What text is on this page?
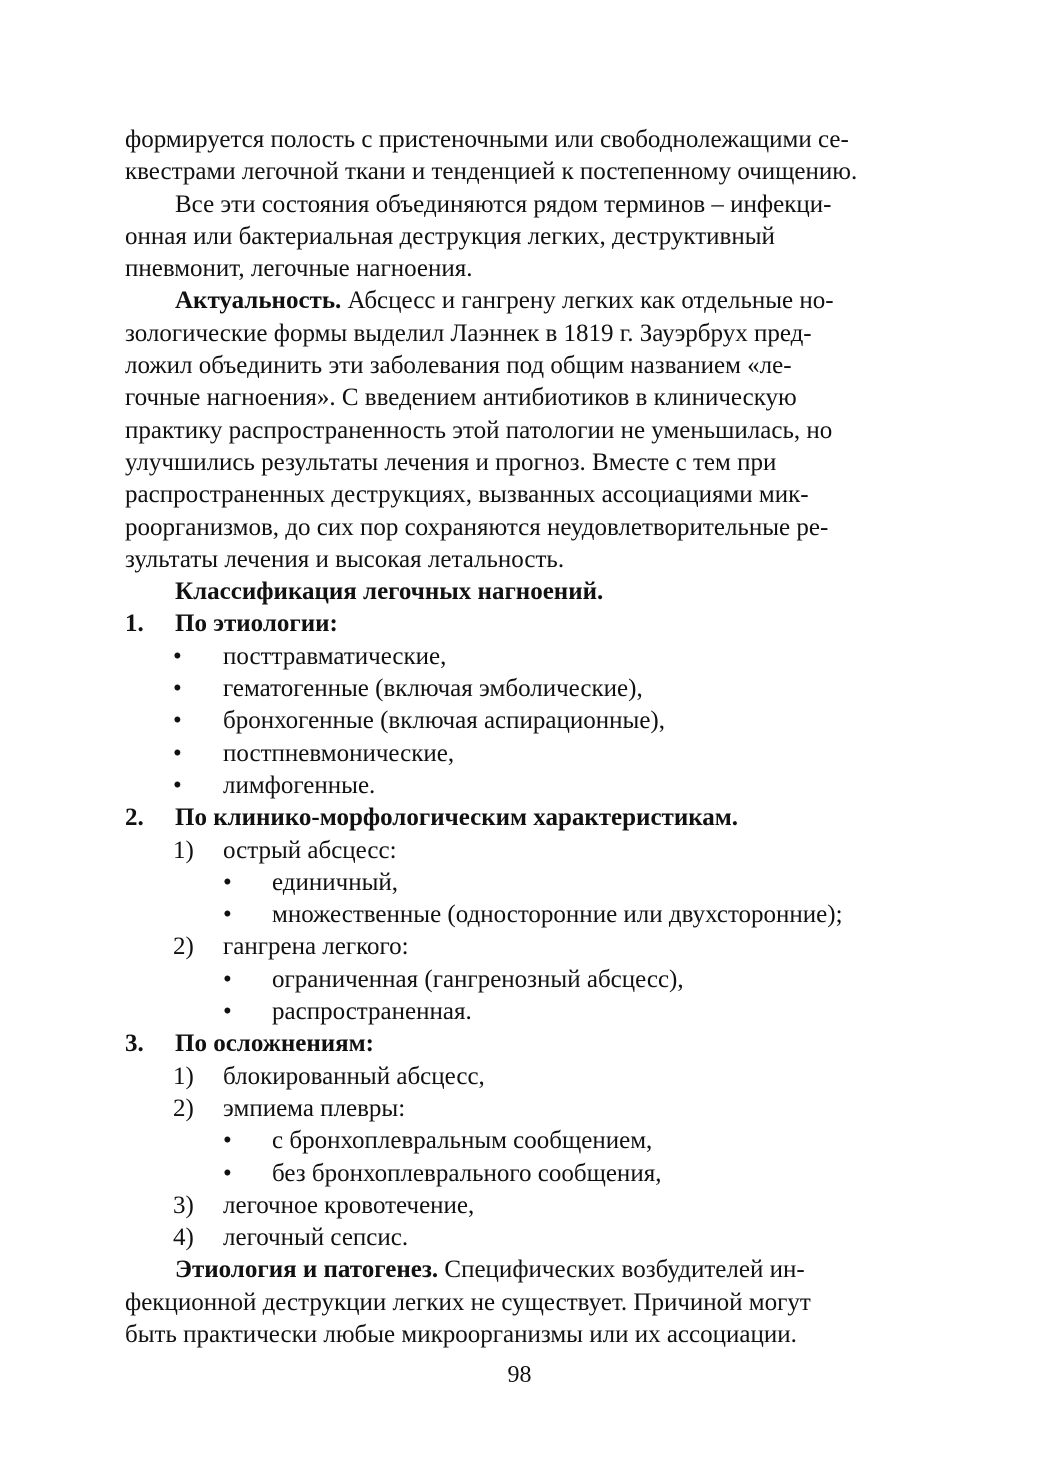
формируется полость с пристеночными или свободнолежащими се-

квестрами легочной ткани и тенденцией к постепенному очищению.

Все эти состояния объединяются рядом терминов – инфекци-

онная или бактериальная деструкция легких, деструктивный

пневмонит, легочные нагноения.

Актуальность. Абсцесс и гангрену легких как отдельные но-

зологические формы выделил Лаэннек в 1819 г. Зауэрбрух пред-

ложил объединить эти заболевания под общим названием «ле-

гочные нагноения». С введением антибиотиков в клиническую

практику распространенность этой патологии не уменьшилась, но

улучшились результаты лечения и прогноз. Вместе с тем при

распространенных деструкциях, вызванных ассоциациями мик-

роорганизмов, до сих пор сохраняются неудовлетворительные ре-

зультаты лечения и высокая летальность.

Классификация легочных нагноений.
1. По этиологии:
• посттравматические,
• гематогенные (включая эмболические),
• бронхогенные (включая аспирационные),
• постпневмонические,
• лимфогенные.
2. По клинико-морфологическим характеристикам.
1) острый абсцесс:
• единичный,
• множественные (односторонние или двухсторонние);
2) гангрена легкого:
• ограниченная (гангренозный абсцесс),
• распространенная.
3. По осложнениям:
1) блокированный абсцесс,
2) эмпиема плевры:
• с бронхоплевральным сообщением,
• без бронхоплеврального сообщения,
3) легочное кровотечение,
4) легочный сепсис.

Этиология и патогенез. Специфических возбудителей ин-

фекционной деструкции легких не существует. Причиной могут

быть практически любые микроорганизмы или их ассоциации.

98
